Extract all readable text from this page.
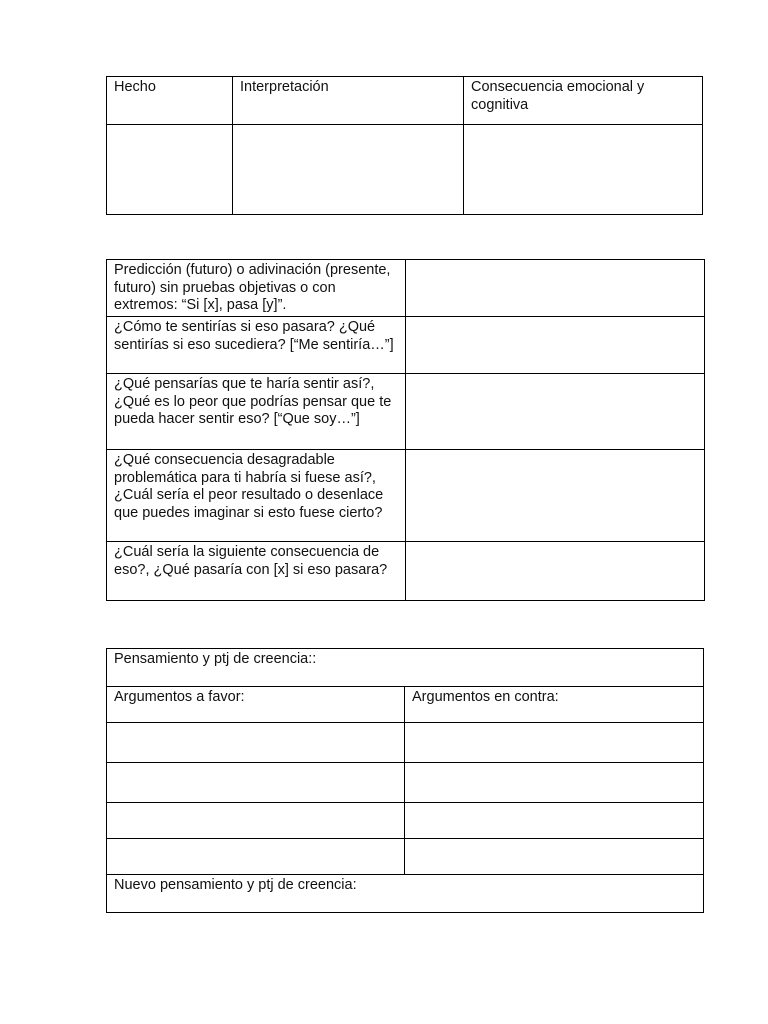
Hecho	Interpretación	Consecuencia emocional y cognitiva

Predicción (futuro) o adivinación (presente, futuro) sin pruebas objetivas o con extremos: “Si [x], pasa [y]”.	
¿Cómo te sentirías si eso pasara? ¿Qué sentirías si eso sucediera? [“Me sentiría…”]	
¿Qué pensarías que te haría sentir así?, ¿Qué es lo peor que podrías pensar que te pueda hacer sentir eso? [“Que soy…”]	
¿Qué consecuencia desagradable problemática para ti habría si fuese así?, ¿Cuál sería el peor resultado o desenlace que puedes imaginar si esto fuese cierto?	
¿Cuál sería la siguiente consecuencia de eso?, ¿Qué pasaría con [x] si eso pasara?	
Pensamiento y ptj de creencia::	
Argumentos a favor:	Argumentos en contra:

Nuevo pensamiento y ptj de creencia:	
